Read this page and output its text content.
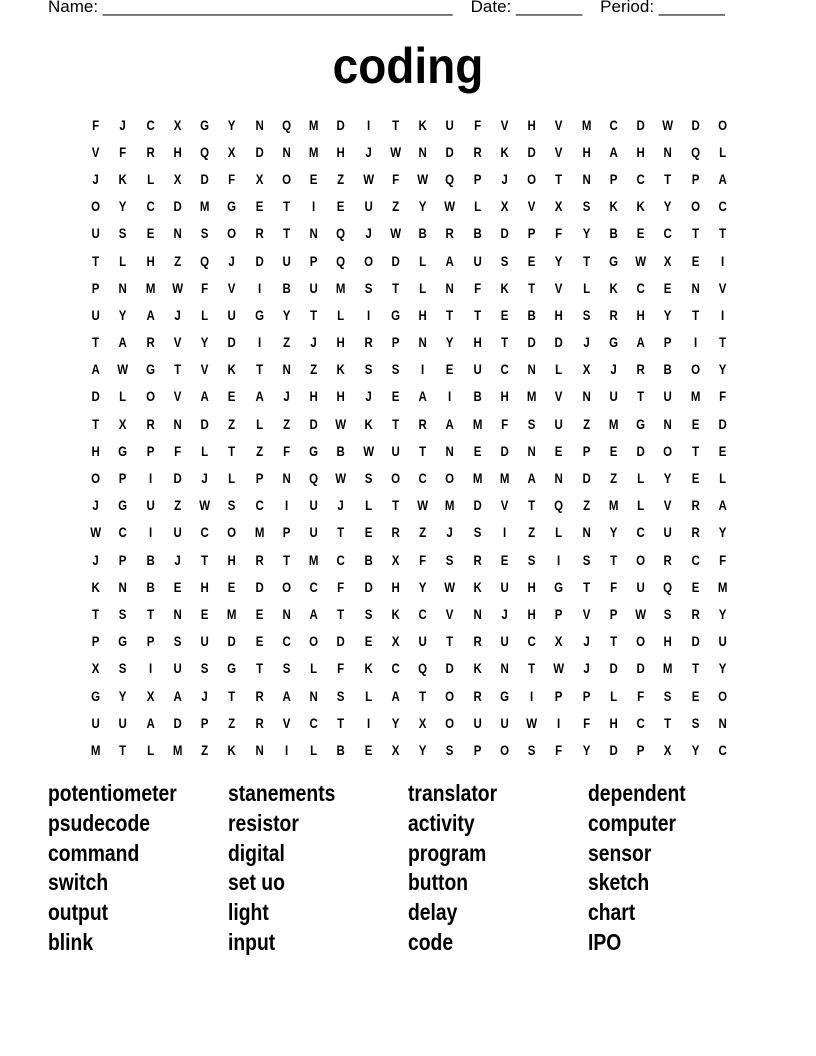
Name: _____________________________________ Date: _______ Period: _______
coding
F	J	C	X	G	Y	N	Q	M	D	I	T	K	U	F	V	H	V	M	C	D	W	D	O
V	F	R	H	Q	X	D	N	M	H	J	W	N	D	R	K	D	V	H	A	H	N	Q	L
J	K	L	X	D	F	X	O	E	Z	W	F	W	Q	P	J	O	T	N	P	C	T	P	A
O	Y	C	D	M	G	E	T	I	E	U	Z	Y	W	L	X	V	X	S	K	K	Y	O	C
U	S	E	N	S	O	R	T	N	Q	J	W	B	R	B	D	P	F	Y	B	E	C	T	T
T	L	H	Z	Q	J	D	U	P	Q	O	D	L	A	U	S	E	Y	T	G	W	X	E	I
P	N	M	W	F	V	I	B	U	M	S	T	L	N	F	K	T	V	L	K	C	E	N	V
U	Y	A	J	L	U	G	Y	T	L	I	G	H	T	T	E	B	H	S	R	H	Y	T	I
T	A	R	V	Y	D	I	Z	J	H	R	P	N	Y	H	T	D	D	J	G	A	P	I	T
A	W	G	T	V	K	T	N	Z	K	S	S	I	E	U	C	N	L	X	J	R	B	O	Y
D	L	O	V	A	E	A	J	H	H	J	E	A	I	B	H	M	V	N	U	T	U	M	F
T	X	R	N	D	Z	L	Z	D	W	K	T	R	A	M	F	S	U	Z	M	G	N	E	D
H	G	P	F	L	T	Z	F	G	B	W	U	T	N	E	D	N	E	P	E	D	O	T	E
O	P	I	D	J	L	P	N	Q	W	S	O	C	O	M	M	A	N	D	Z	L	Y	E	L
J	G	U	Z	W	S	C	I	U	J	L	T	W	M	D	V	T	Q	Z	M	L	V	R	A
W	C	I	U	C	O	M	P	U	T	E	R	Z	J	S	I	Z	L	N	Y	C	U	R	Y
J	P	B	J	T	H	R	T	M	C	B	X	F	S	R	E	S	I	S	T	O	R	C	F
K	N	B	E	H	E	D	O	C	F	D	H	Y	W	K	U	H	G	T	F	U	Q	E	M
T	S	T	N	E	M	E	N	A	T	S	K	C	V	N	J	H	P	V	P	W	S	R	Y
P	G	P	S	U	D	E	C	O	D	E	X	U	T	R	U	C	X	J	T	O	H	D	U
X	S	I	U	S	G	T	S	L	F	K	C	Q	D	K	N	T	W	J	D	D	M	T	Y
G	Y	X	A	J	T	R	A	N	S	L	A	T	O	R	G	I	P	P	L	F	S	E	O
U	U	A	D	P	Z	R	V	C	T	I	Y	X	O	U	U	W	I	F	H	C	T	S	N
M	T	L	M	Z	K	N	I	L	B	E	X	Y	S	P	O	S	F	Y	D	P	X	Y	C
potentiometer	stanements	translator	dependent
psudecode	resistor	activity	computer
command	digital	program	sensor
switch	set uo	button	sketch
output	light	delay	chart
blink	input	code	IPO
